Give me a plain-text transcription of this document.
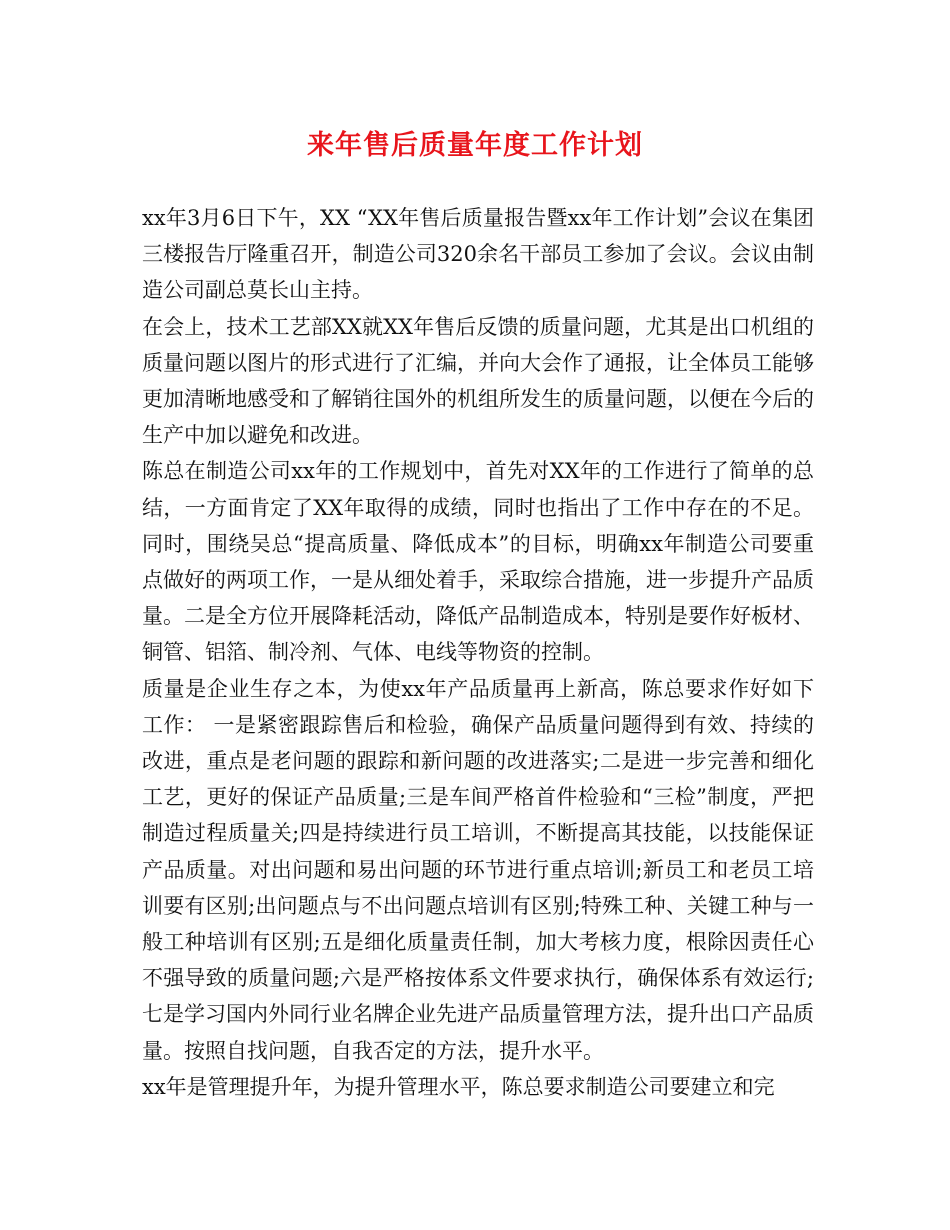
来年售后质量年度工作计划

xx年3月6日下午，XX “XX年售后质量报告暨xx年工作计划”会议在集团三楼报告厅隆重召开，制造公司320余名干部员工参加了会议。会议由制造公司副总莫长山主持。

在会上，技术工艺部XX就XX年售后反馈的质量问题，尤其是出口机组的质量问题以图片的形式进行了汇编，并向大会作了通报，让全体员工能够更加清晰地感受和了解销往国外的机组所发生的质量问题，以便在今后的生产中加以避免和改进。

陈总在制造公司xx年的工作规划中，首先对XX年的工作进行了简单的总结，一方面肯定了XX年取得的成绩，同时也指出了工作中存在的不足。同时，围绕吴总“提高质量、降低成本”的目标，明确xx年制造公司要重点做好的两项工作，一是从细处着手，采取综合措施，进一步提升产品质量。二是全方位开展降耗活动，降低产品制造成本，特别是要作好板材、铜管、铝箔、制冷剂、气体、电线等物资的控制。

质量是企业生存之本，为使xx年产品质量再上新高，陈总要求作好如下工作： 一是紧密跟踪售后和检验，确保产品质量问题得到有效、持续的改进，重点是老问题的跟踪和新问题的改进落实;二是进一步完善和细化工艺，更好的保证产品质量;三是车间严格首件检验和“三检”制度，严把制造过程质量关;四是持续进行员工培训，不断提高其技能，以技能保证产品质量。对出问题和易出问题的环节进行重点培训;新员工和老员工培训要有区别;出问题点与不出问题点培训有区别;特殊工种、关键工种与一般工种培训有区别;五是细化质量责任制，加大考核力度，根除因责任心不强导致的质量问题;六是严格按体系文件要求执行，确保体系有效运行;七是学习国内外同行业名牌企业先进产品质量管理方法，提升出口产品质量。按照自找问题，自我否定的方法，提升水平。

xx年是管理提升年，为提升管理水平，陈总要求制造公司要建立和完
